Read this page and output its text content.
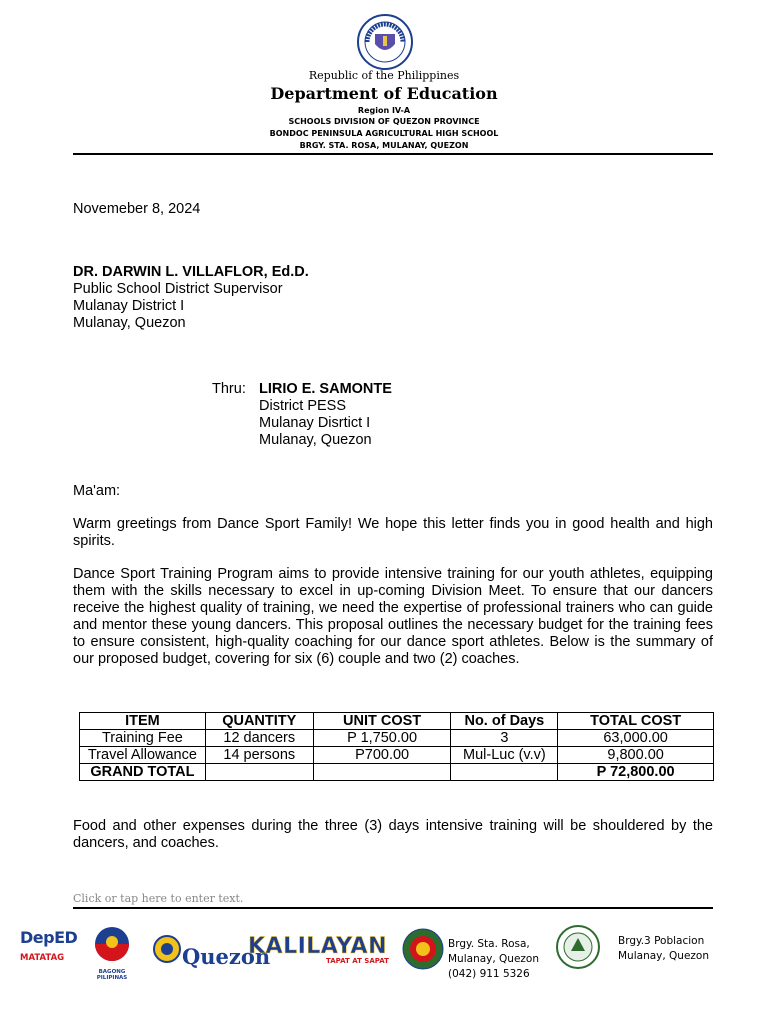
Republic of the Philippines
Department of Education
Region IV-A
SCHOOLS DIVISION OF QUEZON PROVINCE
BONDOC PENINSULA AGRICULTURAL HIGH SCHOOL
BRGY. STA. ROSA, MULANAY, QUEZON
Novemeber 8, 2024
DR. DARWIN L. VILLAFLOR, Ed.D.
Public School District Supervisor
Mulanay District I
Mulanay, Quezon
Thru: LIRIO E. SAMONTE
District PESS
Mulanay Disrtict I
Mulanay, Quezon
Ma'am:
Warm greetings from Dance Sport Family! We hope this letter finds you in good health and high spirits.
Dance Sport Training Program aims to provide intensive training for our youth athletes, equipping them with the skills necessary to excel in up-coming Division Meet. To ensure that our dancers receive the highest quality of training, we need the expertise of professional trainers who can guide and mentor these young dancers. This proposal outlines the necessary budget for the training fees to ensure consistent, high-quality coaching for our dance sport athletes. Below is the summary of our proposed budget, covering for six (6) couple and two (2) coaches.
ITEM	QUANTITY	UNIT COST	No. of Days	TOTAL COST
Training Fee	12 dancers	P 1,750.00	3	63,000.00
Travel Allowance	14 persons	P700.00	Mul-Luc (v.v)	9,800.00
GRAND TOTAL				P 72,800.00
Food and other expenses during the three (3) days intensive training will be shouldered by the dancers, and coaches.
Click or tap here to enter text.
DepED
MATATAG
BAGONG PILIPINAS
Quezon
KALILAYAN
TAPAT AT SAPAT
Brgy. Sta. Rosa,
Mulanay, Quezon
(042) 911 5326
Brgy.3 Poblacion
Mulanay, Quezon
